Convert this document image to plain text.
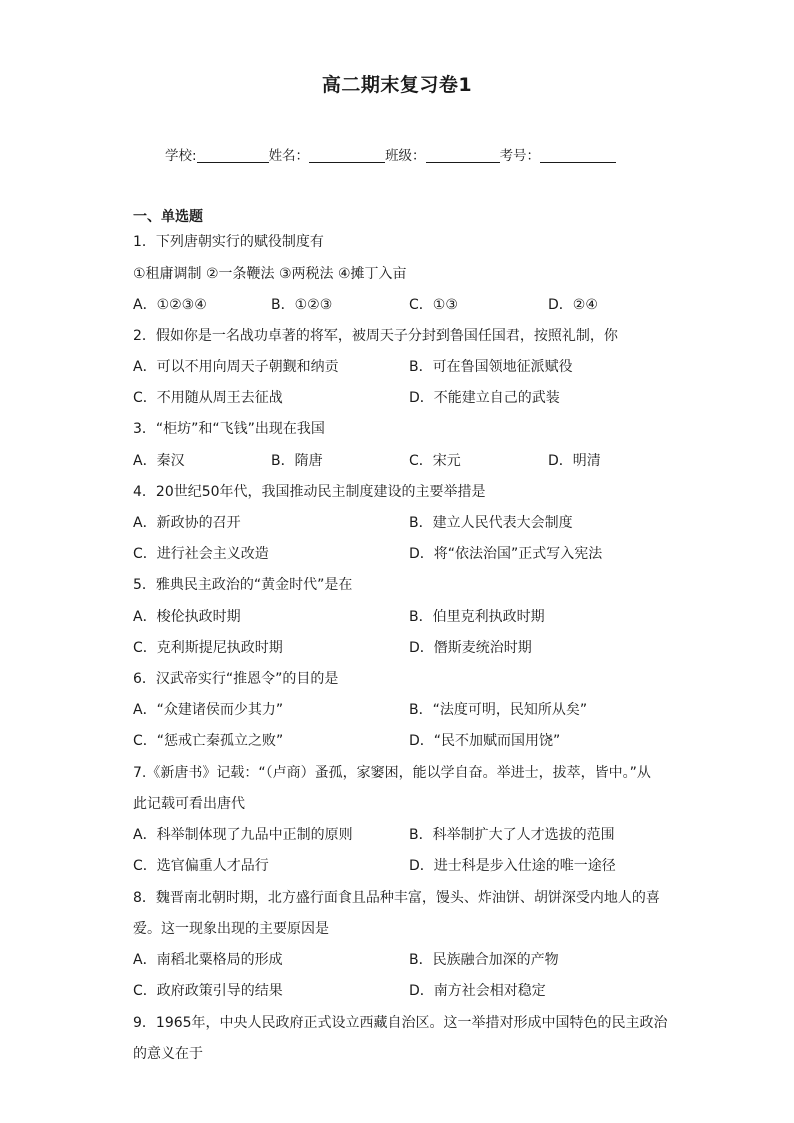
高二期末复习卷1
学校:	姓名：	班级：	考号：
一、单选题
1．下列唐朝实行的赋役制度有
①租庸调制 ②一条鞭法 ③两税法 ④摊丁入亩
A．①②③④	B．①②③	C．①③	D．②④
2．假如你是一名战功卓著的将军，被周天子分封到鲁国任国君，按照礼制，你
A．可以不用向周天子朝觐和纳贡	B．可在鲁国领地征派赋役
C．不用随从周王去征战	D．不能建立自己的武装
3．“柜坊”和“飞钱”出现在我国
A．秦汉	B．隋唐	C．宋元	D．明清
4．20世纪50年代，我国推动民主制度建设的主要举措是
A．新政协的召开	B．建立人民代表大会制度
C．进行社会主义改造	D．将“依法治国”正式写入宪法
5．雅典民主政治的“黄金时代”是在
A．梭伦执政时期	B．伯里克利执政时期
C．克利斯提尼执政时期	D．僭斯麦统治时期
6．汉武帝实行“推恩令”的目的是
A．“众建诸侯而少其力”	B．“法度可明，民知所从矣”
C．“惩戒亡秦孤立之败”	D．“民不加赋而国用饶”
7.《新唐书》记载：“（卢商）蚤孤，家窭困，能以学自奋。举进士，拔萃，皆中。”从
此记载可看出唐代
A．科举制体现了九品中正制的原则	B．科举制扩大了人才选拔的范围
C．选官偏重人才品行	D．进士科是步入仕途的唯一途径
8．魏晋南北朝时期，北方盛行面食且品种丰富，馒头、炸油饼、胡饼深受内地人的喜
爱。这一现象出现的主要原因是
A．南稻北粟格局的形成	B．民族融合加深的产物
C．政府政策引导的结果	D．南方社会相对稳定
9．1965年，中央人民政府正式设立西藏自治区。这一举措对形成中国特色的民主政治
的意义在于
